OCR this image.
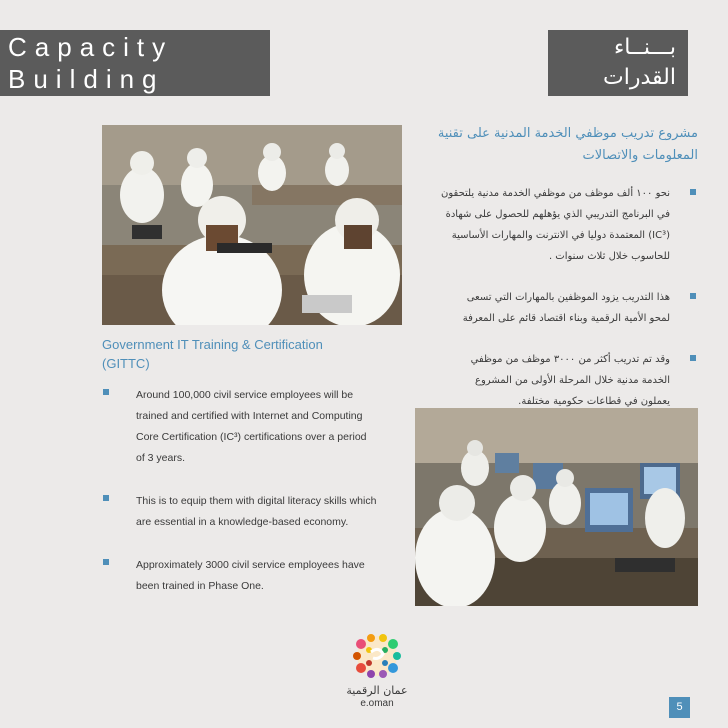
Capacity
Building
بـــنــاء
القدرات
Government IT Training & Certification
(GITTC)
Around 100,000 civil service employees will be
trained and certified with Internet and Computing
Core Certification (IC³) certifications over a period
of 3 years.
This is to equip them with digital literacy skills which
are essential in a knowledge-based economy.
Approximately 3000 civil service employees have
been trained in Phase One.
مشروع تدريب موظفي الخدمة المدنية على تقنية
المعلومات والاتصالات
نحو ١٠٠ ألف موظف من موظفي الخدمة مدنية يلتحقون
في البرنامج التدريبي الذي يؤهلهم للحصول على شهادة
(IC³) المعتمدة دوليا في الانترنت والمهارات الأساسية
للحاسوب خلال ثلاث سنوات .
هذا التدريب يزود الموظفين بالمهارات التي تسعى
لمحو الأمية الرقمية وبناء اقتصاد قائم على المعرفة
وقد تم تدريب أكثر من ٣٠٠٠ موظف من موظفي
الخدمة مدنية خلال المرحلة الأولى من المشروع
يعملون في قطاعات حكومية مختلفة.
عمان الرقمية
e.oman	5
